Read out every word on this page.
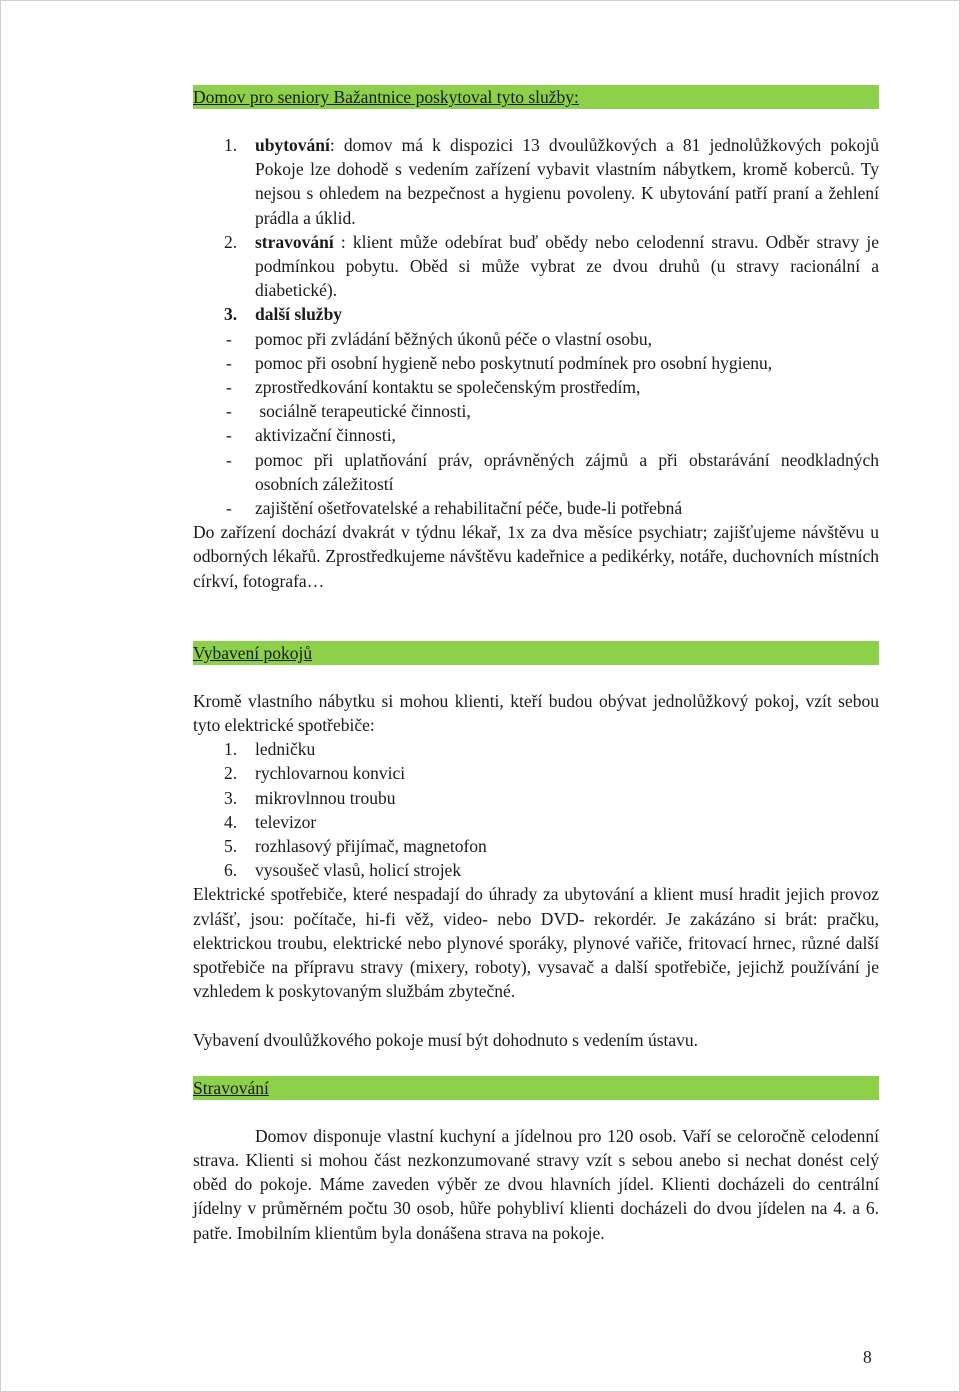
Domov pro seniory Bažantnice poskytoval tyto služby:
1. ubytování: domov má k dispozici 13 dvoulůžkových a 81 jednolůžkových pokojů Pokoje lze dohodě s vedením zařízení vybavit vlastním nábytkem, kromě koberců. Ty nejsou s ohledem na bezpečnost a hygienu povoleny. K ubytování patří praní a žehlení prádla a úklid.
2. stravování : klient může odebírat buď obědy nebo celodenní stravu. Odběr stravy je podmínkou pobytu. Oběd si může vybrat ze dvou druhů (u stravy racionální a diabetické).
3. další služby
- pomoc při zvládání běžných úkonů péče o vlastní osobu,
- pomoc při osobní hygieně nebo poskytnutí podmínek pro osobní hygienu,
- zprostředkování kontaktu se společenským prostředím,
- sociálně terapeutické činnosti,
- aktivizační činnosti,
- pomoc při uplatňování práv, oprávněných zájmů a při obstarávání neodkladných osobních záležitostí
- zajištění ošetřovatelské a rehabilitační péče, bude-li potřebná

Do zařízení dochází dvakrát v týdnu lékař, 1x za dva měsíce psychiatr; zajišťujeme návštěvu u odborných lékařů. Zprostředkujeme návštěvu kadeřnice a pedikérky, notáře, duchovních místních církví, fotografa…

Vybavení pokojů

Kromě vlastního nábytku si mohou klienti, kteří budou obývat jednolůžkový pokoj, vzít sebou tyto elektrické spotřebiče:

1. ledničku
2. rychlovarnou konvici
3. mikrovlnnou troubu
4. televizor
5. rozhlasový přijímač, magnetofon
6. vysoušeč vlasů, holicí strojek

Elektrické spotřebiče, které nespadají do úhrady za ubytování a klient musí hradit jejich provoz zvlášť, jsou: počítače, hi-fi věž, video- nebo DVD- rekordér. Je zakázáno si brát: pračku, elektrickou troubu, elektrické nebo plynové sporáky, plynové vařiče, fritovací hrnec, různé další spotřebiče na přípravu stravy (mixery, roboty), vysavač a další spotřebiče, jejichž používání je vzhledem k poskytovaným službám zbytečné.

Vybavení dvoulůžkového pokoje musí být dohodnuto s vedením ústavu.

Stravování

Domov disponuje vlastní kuchyní a jídelnou pro 120 osob. Vaří se celoročně celodenní strava. Klienti si mohou část nezkonzumované stravy vzít s sebou anebo si nechat donést celý oběd do pokoje. Máme zaveden výběr ze dvou hlavních jídel. Klienti docházeli do centrální jídelny v průměrném počtu 30 osob, hůře pohybliví klienti docházeli do dvou jídelen na 4. a 6. patře. Imobilním klientům byla donášena strava na pokoje.

8
